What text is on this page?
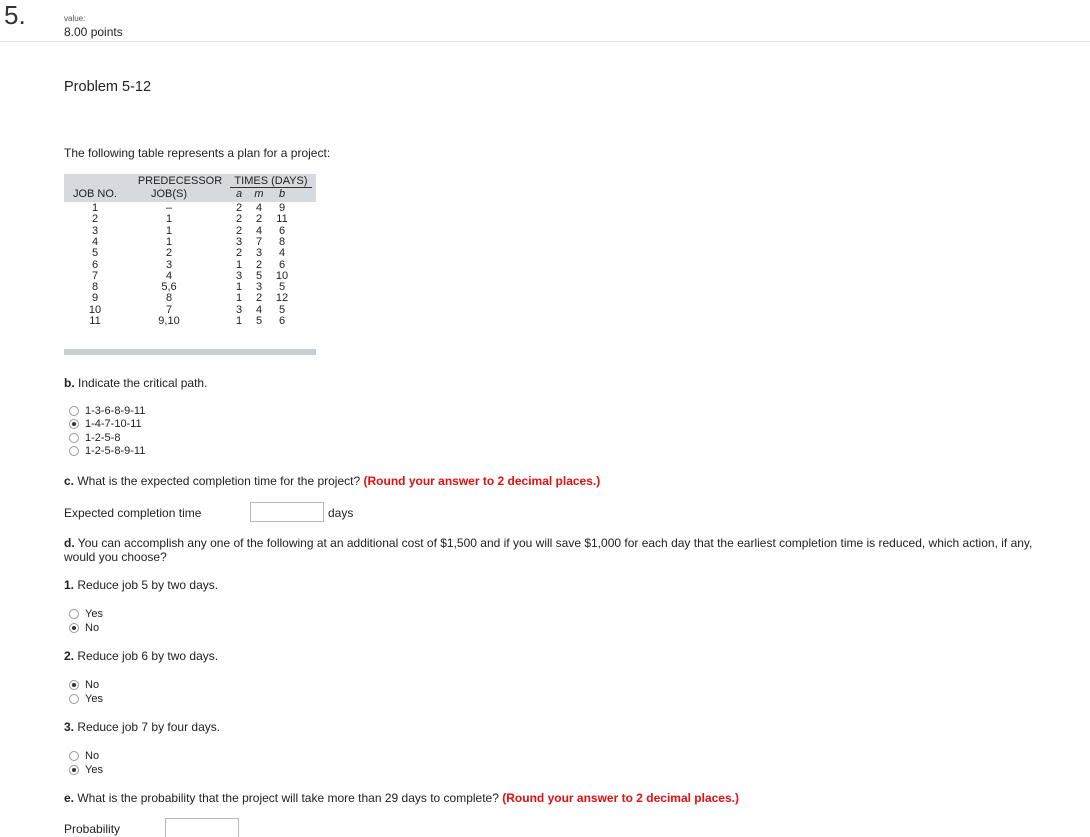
5.	value:
8.00 points
Problem 5-12
The following table represents a plan for a project:
PREDECESSOR	TIMES (DAYS)
JOB NO.	JOB(S)	a	m	b
1	–	2	4	9
2	1	2	2	11
3	1	2	4	6
4	1	3	7	8
5	2	2	3	4
6	3	1	2	6
7	4	3	5	10
8	5,6	1	3	5
9	8	1	2	12
10	7	3	4	5
11	9,10	1	5	6
b. Indicate the critical path.
1-3-6-8-9-11
1-4-7-10-11
1-2-5-8
1-2-5-8-9-11
c. What is the expected completion time for the project? (Round your answer to 2 decimal places.)
Expected completion time	days
d. You can accomplish any one of the following at an additional cost of $1,500 and if you will save $1,000 for each day that the earliest completion time is reduced, which action, if any,
would you choose?
1. Reduce job 5 by two days.
Yes
No
2. Reduce job 6 by two days.
No
Yes
3. Reduce job 7 by four days.
No
Yes
e. What is the probability that the project will take more than 29 days to complete? (Round your answer to 2 decimal places.)
Probability
